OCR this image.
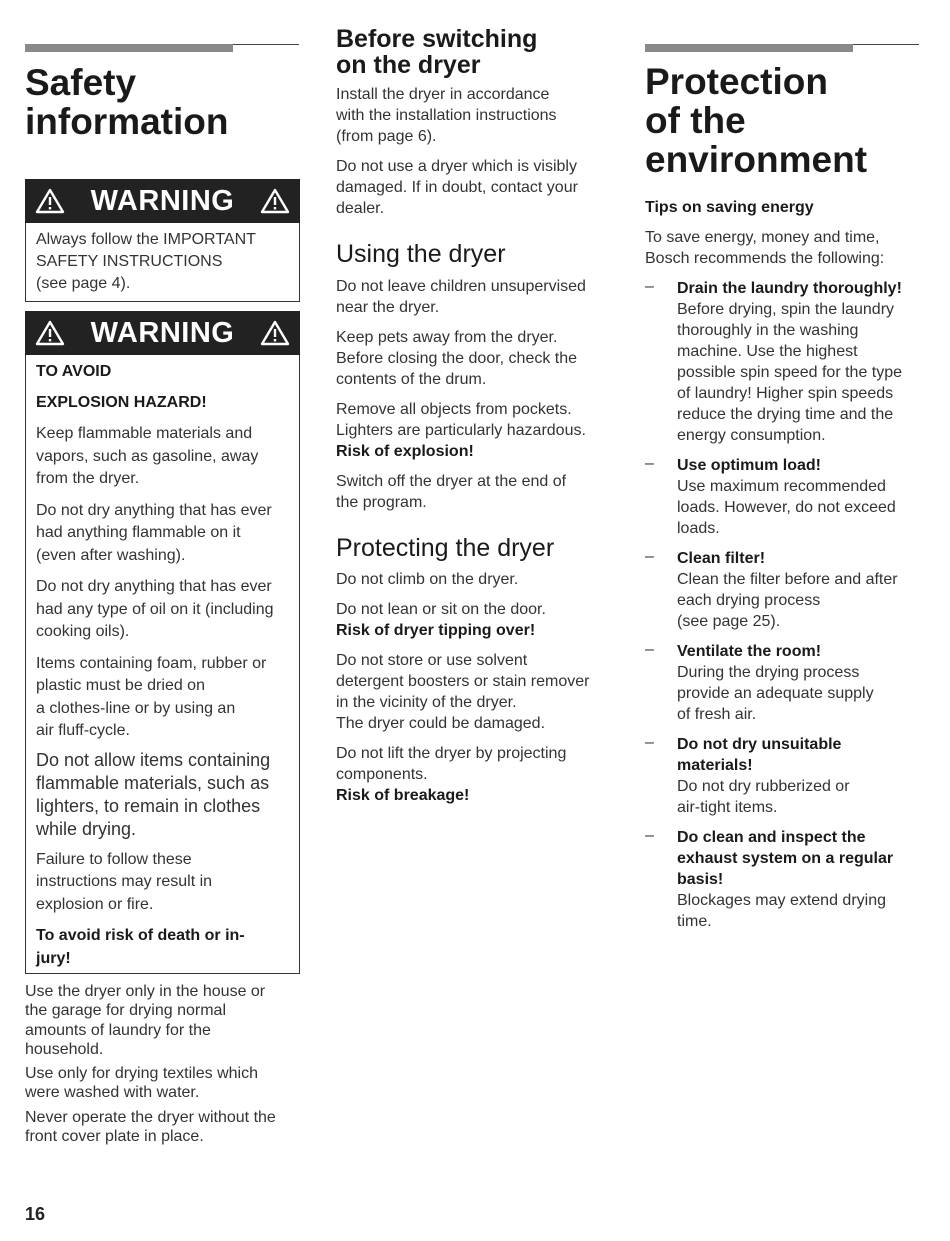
Safety
information
WARNING

Always follow the IMPORTANT
SAFETY INSTRUCTIONS
(see page 4).

WARNING

TO AVOID

EXPLOSION HAZARD!

Keep flammable materials and
vapors, such as gasoline, away
from the dryer.

Do not dry anything that has ever
had anything flammable on it
(even after washing).

Do not dry anything that has ever
had any type of oil on it (including
cooking oils).

Items containing foam, rubber or
plastic must be dried on
a clothes-line or by using an
air fluff-cycle.

Do not allow items containing
flammable materials, such as
lighters, to remain in clothes
while drying.

Failure to follow these
instructions may result in
explosion or fire.

To avoid risk of death or in-
jury!

Use the dryer only in the house or
the garage for drying normal
amounts of laundry for the
household.

Use only for drying textiles which
were washed with water.

Never operate the dryer without the
front cover plate in place.

Before switching
on the dryer

Install the dryer in accordance
with the installation instructions
(from page 6).

Do not use a dryer which is visibly
damaged. If in doubt, contact your
dealer.

Using the dryer

Do not leave children unsupervised
near the dryer.

Keep pets away from the dryer.
Before closing the door, check the
contents of the drum.

Remove all objects from pockets.
Lighters are particularly hazardous.
Risk of explosion!

Switch off the dryer at the end of
the program.

Protecting the dryer

Do not climb on the dryer.

Do not lean or sit on the door.
Risk of dryer tipping over!

Do not store or use solvent
detergent boosters or stain remover
in the vicinity of the dryer.
The dryer could be damaged.

Do not lift the dryer by projecting
components.
Risk of breakage!

Protection
of the
environment

Tips on saving energy

To save energy, money and time,
Bosch recommends the following:

– Drain the laundry thoroughly!

Before drying, spin the laundry
thoroughly in the washing
machine. Use the highest
possible spin speed for the type
of laundry! Higher spin speeds
reduce the drying time and the
energy consumption.

– Use optimum load!

Use maximum recommended
loads. However, do not exceed
loads.

– Clean filter!

Clean the filter before and after
each drying process
(see page 25).

– Ventilate the room!

During the drying process
provide an adequate supply
of fresh air.

– Do not dry unsuitable
materials!

Do not dry rubberized or
air-tight items.

– Do clean and inspect the
exhaust system on a regular
basis!

Blockages may extend drying
time.

16
